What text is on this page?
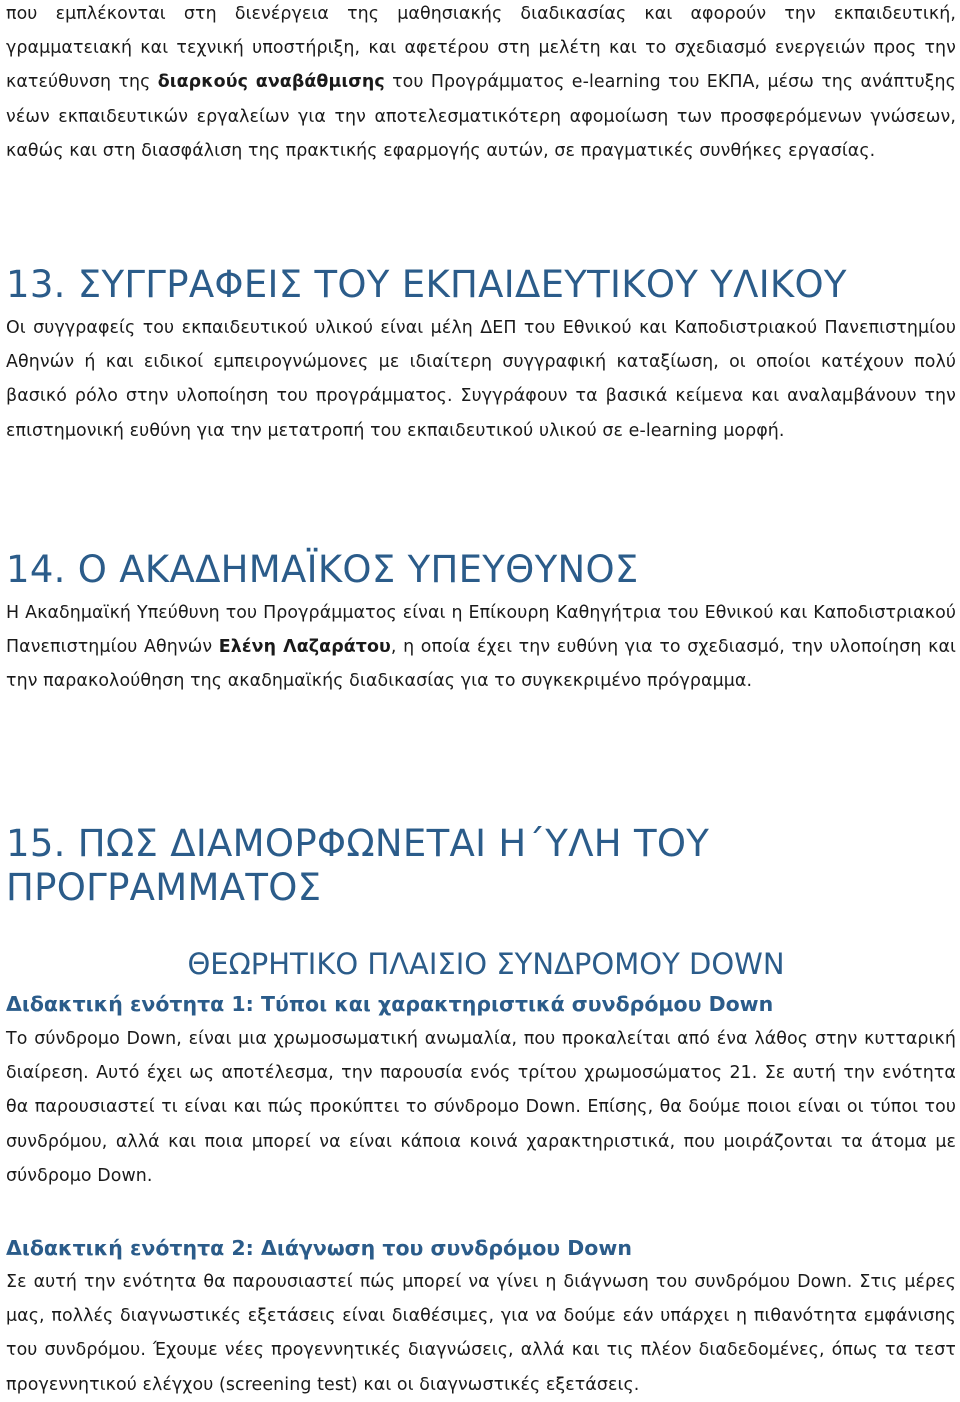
που εμπλέκονται στη διενέργεια της μαθησιακής διαδικασίας και αφορούν την εκπαιδευτική, γραμματειακή και τεχνική υποστήριξη, και αφετέρου στη μελέτη και το σχεδιασμό ενεργειών προς την κατεύθυνση της διαρκούς αναβάθμισης του Προγράμματος e-learning του ΕΚΠΑ, μέσω της ανάπτυξης νέων εκπαιδευτικών εργαλείων για την αποτελεσματικότερη αφομοίωση των προσφερόμενων γνώσεων, καθώς και στη διασφάλιση της πρακτικής εφαρμογής αυτών, σε πραγματικές συνθήκες εργασίας.

13. ΣΥΓΓΡΑΦΕΙΣ ΤΟΥ ΕΚΠΑΙΔΕΥΤΙΚΟΥ ΥΛΙΚΟΥ

Οι συγγραφείς του εκπαιδευτικού υλικού είναι μέλη ΔΕΠ του Εθνικού και Καποδιστριακού Πανεπιστημίου Αθηνών ή και ειδικοί εμπειρογνώμονες με ιδιαίτερη συγγραφική καταξίωση, οι οποίοι κατέχουν πολύ βασικό ρόλο στην υλοποίηση του προγράμματος. Συγγράφουν τα βασικά κείμενα και αναλαμβάνουν την επιστημονική ευθύνη για την μετατροπή του εκπαιδευτικού υλικού σε e-learning μορφή.

14. Ο ΑΚΑΔΗΜΑΪΚΟΣ ΥΠΕΥΘΥΝΟΣ

Η Ακαδημαϊκή Υπεύθυνη του Προγράμματος είναι η Επίκουρη Καθηγήτρια του Εθνικού και Καποδιστριακού Πανεπιστημίου Αθηνών Ελένη Λαζαράτου, η οποία έχει την ευθύνη για το σχεδιασμό, την υλοποίηση και την παρακολούθηση της ακαδημαϊκής διαδικασίας για το συγκεκριμένο πρόγραμμα.

15. ΠΩΣ ΔΙΑΜΟΡΦΩΝΕΤΑΙ Η΄ΥΛΗ ΤΟΥ
ΠΡΟΓΡΑΜΜΑΤΟΣ
ΘΕΩΡΗΤΙΚΟ ΠΛΑΙΣΙΟ ΣΥΝΔΡΟΜΟΥ DOWN
Διδακτική ενότητα 1: Τύποι και χαρακτηριστικά συνδρόμου Down

Το σύνδρομο Down, είναι μια χρωμοσωματική ανωμαλία, που προκαλείται από ένα λάθος στην κυτταρική διαίρεση. Αυτό έχει ως αποτέλεσμα, την παρουσία ενός τρίτου χρωμοσώματος 21. Σε αυτή την ενότητα θα παρουσιαστεί τι είναι και πώς προκύπτει το σύνδρομο Down. Επίσης, θα δούμε ποιοι είναι οι τύποι του συνδρόμου, αλλά και ποια μπορεί να είναι κάποια κοινά χαρακτηριστικά, που μοιράζονται τα άτομα με σύνδρομο Down.

Διδακτική ενότητα 2: Διάγνωση του συνδρόμου Down

Σε αυτή την ενότητα θα παρουσιαστεί πώς μπορεί να γίνει η διάγνωση του συνδρόμου Down. Στις μέρες μας, πολλές διαγνωστικές εξετάσεις είναι διαθέσιμες, για να δούμε εάν υπάρχει η πιθανότητα εμφάνισης του συνδρόμου. Έχουμε νέες προγεννητικές διαγνώσεις, αλλά και τις πλέον διαδεδομένες, όπως τα τεστ προγεννητικού ελέγχου (screening test) και οι διαγνωστικές εξετάσεις.
